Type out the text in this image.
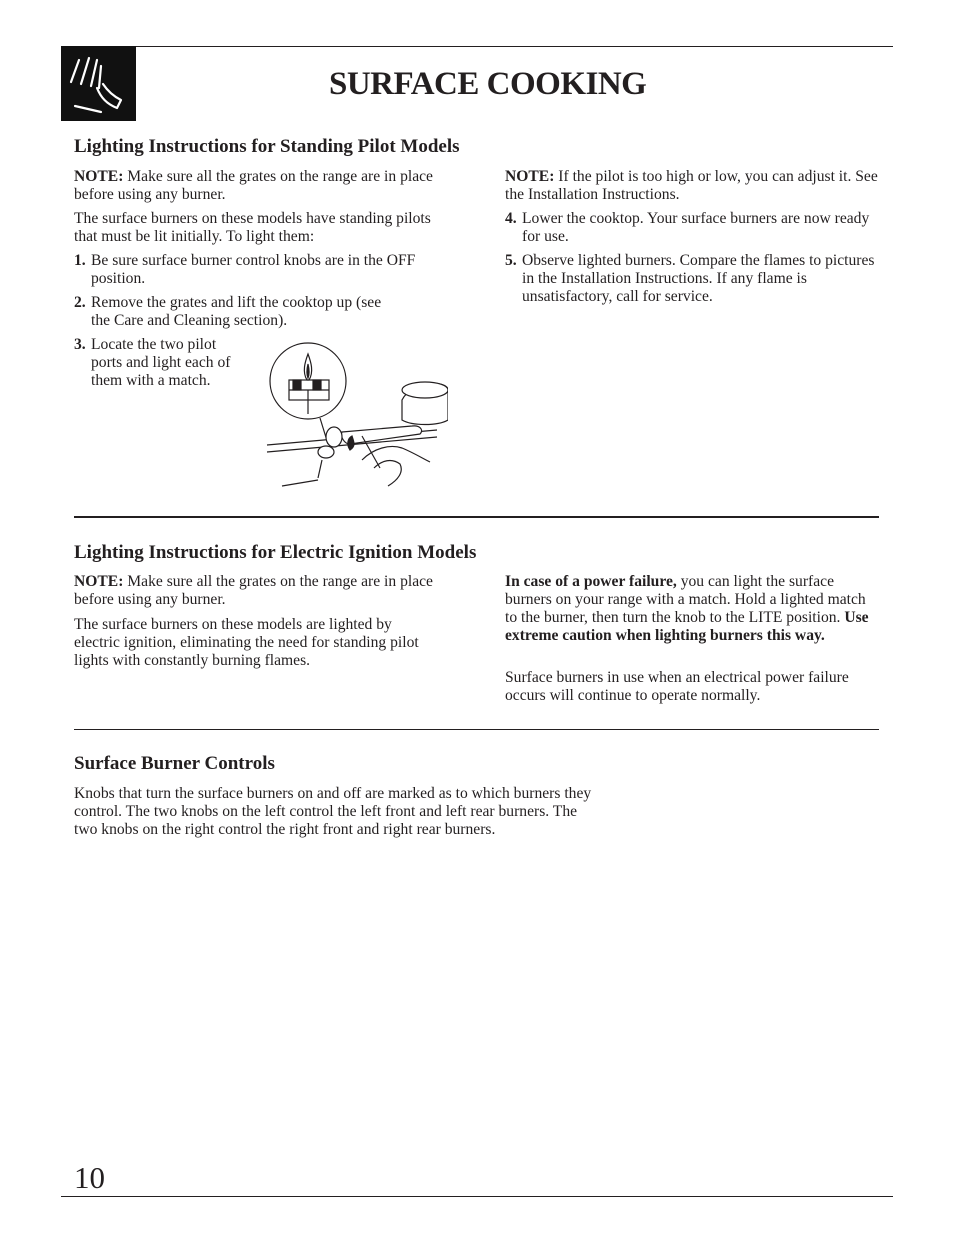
SURFACE COOKING
Lighting Instructions for Standing Pilot Models

NOTE: Make sure all the grates on the range are in place before using any burner.

The surface burners on these models have standing pilots that must be lit initially. To light them:

1. Be sure surface burner control knobs are in the OFF position.

2. Remove the grates and lift the cooktop up (see the Care and Cleaning section).

3. Locate the two pilot ports and light each of them with a match.

NOTE: If the pilot is too high or low, you can adjust it. See the Installation Instructions.

4. Lower the cooktop. Your surface burners are now ready for use.

5. Observe lighted burners. Compare the flames to pictures in the Installation Instructions. If any flame is unsatisfactory, call for service.

Lighting Instructions for Electric Ignition Models

NOTE: Make sure all the grates on the range are in place before using any burner.

The surface burners on these models are lighted by electric ignition, eliminating the need for standing pilot lights with constantly burning flames.

In case of a power failure, you can light the surface burners on your range with a match. Hold a lighted match to the burner, then turn the knob to the LITE position. Use extreme caution when lighting burners this way.

Surface burners in use when an electrical power failure occurs will continue to operate normally.

Surface Burner Controls

Knobs that turn the surface burners on and off are marked as to which burners they control. The two knobs on the left control the left front and left rear burners. The two knobs on the right control the right front and right rear burners.

10
